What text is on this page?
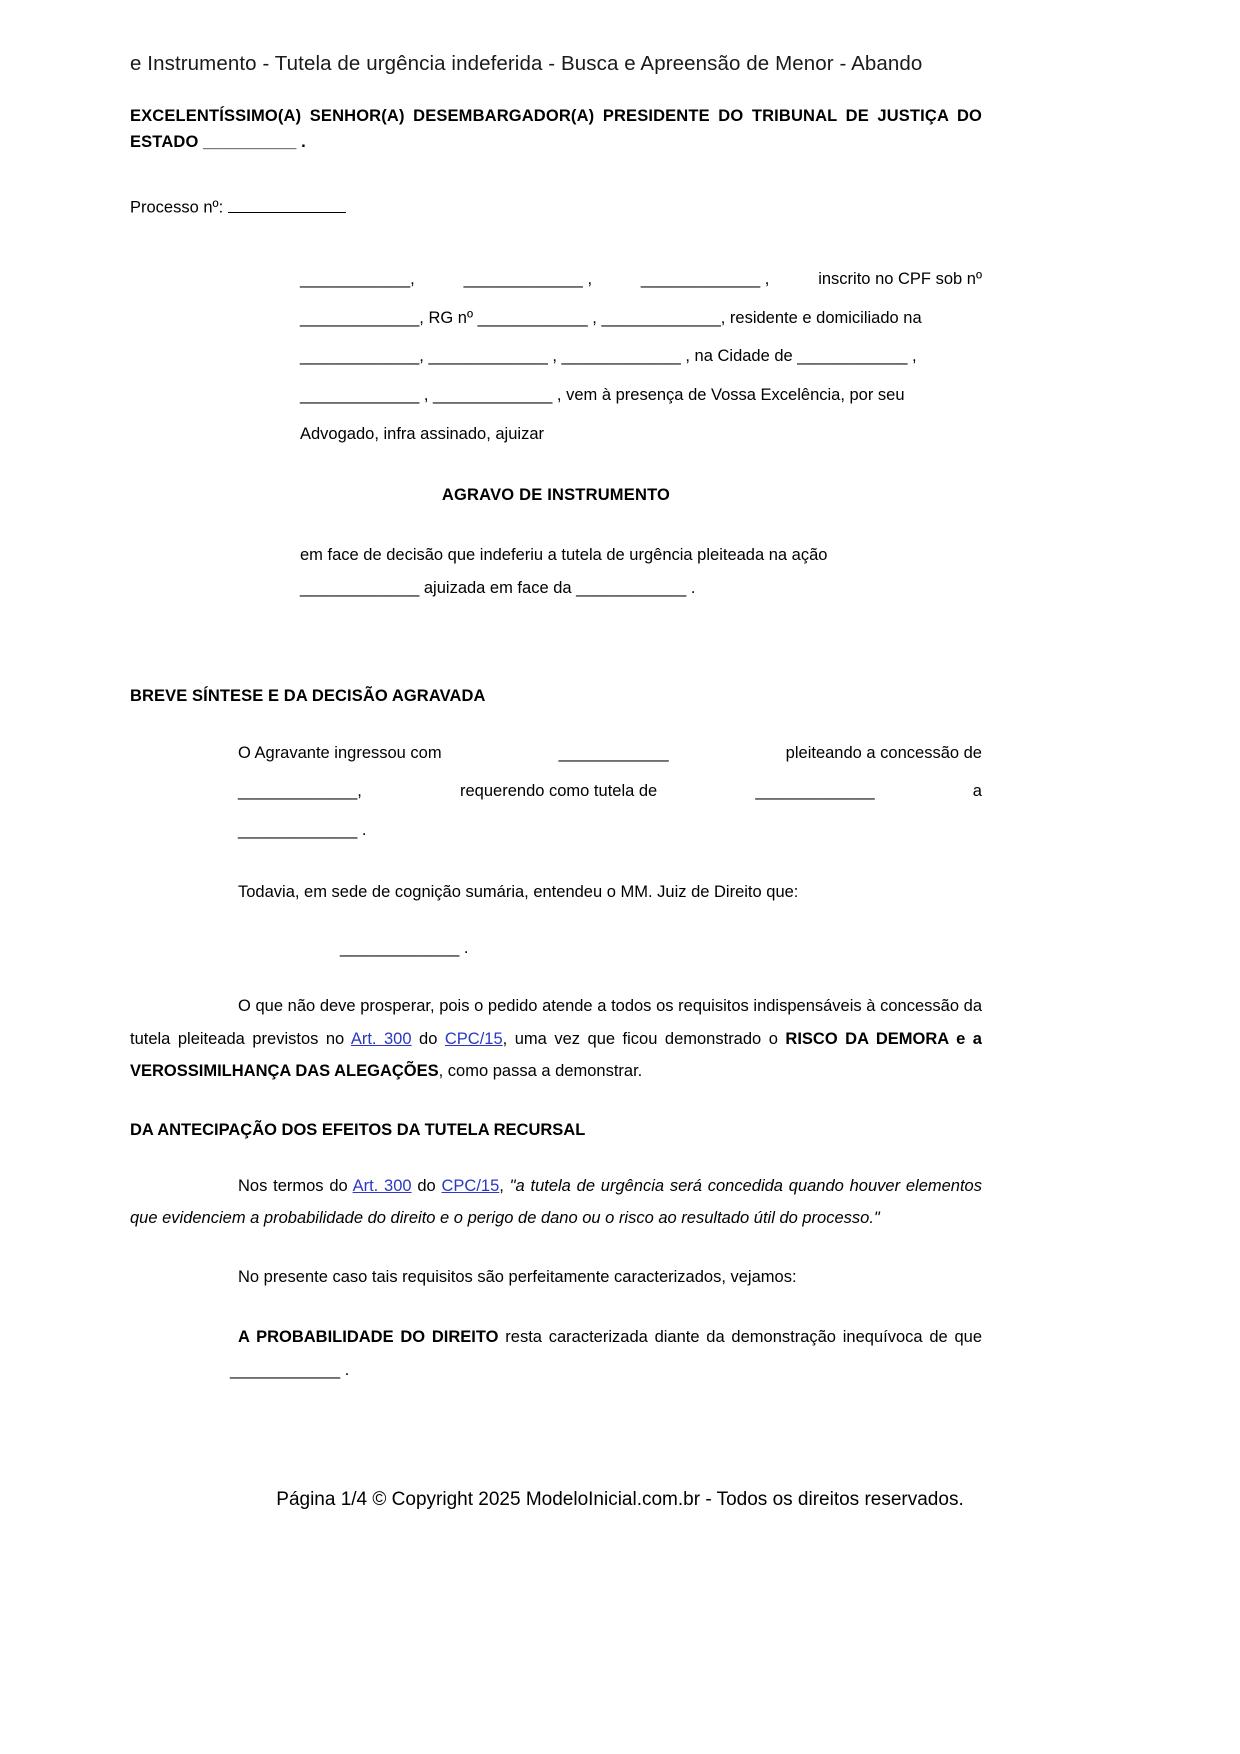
e Instrumento - Tutela de urgência indeferida - Busca e Apreensão de Menor - Abando

EXCELENTÍSSIMO(A) SENHOR(A) DESEMBARGADOR(A) PRESIDENTE DO TRIBUNAL DE JUSTIÇA DO ESTADO __________ .

Processo nº:

____________,	_____________ ,	_____________ ,	inscrito no CPF sob nº

_____________, RG nº ____________ , _____________, residente e domiciliado na

_____________, _____________ , _____________ , na Cidade de ____________ ,

_____________ , _____________ , vem à presença de Vossa Excelência, por seu

Advogado, infra assinado, ajuizar

AGRAVO DE INSTRUMENTO

em face de decisão que indeferiu a tutela de urgência pleiteada na ação

_____________ ajuizada em face da ____________ .

BREVE SÍNTESE E DA DECISÃO AGRAVADA

O Agravante ingressou com	____________	pleiteando a concessão de

_____________,	requerendo como tutela de	_____________	a

_____________ .

Todavia, em sede de cognição sumária, entendeu o MM. Juiz de Direito que:

_____________ .

O que não deve prosperar, pois o pedido atende a todos os requisitos indispensáveis à concessão da tutela pleiteada previstos no Art. 300 do CPC/15, uma vez que ficou demonstrado o RISCO DA DEMORA e a VEROSSIMILHANÇA DAS ALEGAÇÕES, como passa a demonstrar.

DA ANTECIPAÇÃO DOS EFEITOS DA TUTELA RECURSAL

Nos termos do Art. 300 do CPC/15, "a tutela de urgência será concedida quando houver elementos que evidenciem a probabilidade do direito e o perigo de dano ou o risco ao resultado útil do processo."

No presente caso tais requisitos são perfeitamente caracterizados, vejamos:

A PROBABILIDADE DO DIREITO resta caracterizada diante da demonstração inequívoca de que ____________ .

Página 1/4 © Copyright 2025 ModeloInicial.com.br - Todos os direitos reservados.
